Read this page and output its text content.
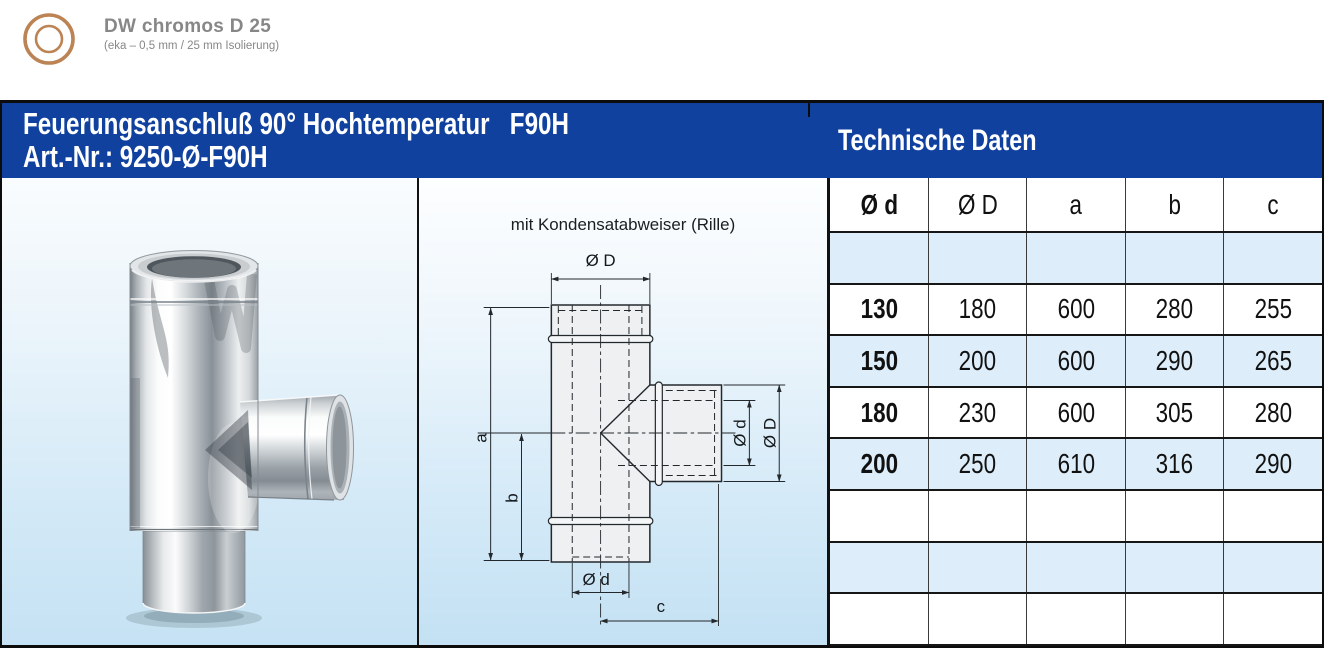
DW chromos D 25
(eka – 0,5 mm / 25 mm Isolierung)
Feuerungsanschluß 90° Hochtemperatur F90H
Art.-Nr.: 9250-Ø-F90H	Technische Daten
mit Kondensatabweiser (Rille)
Ø D
a
b
Ø d
c
Ø d Ø D
Ø d	Ø D	a	b	c

130	180	600	280	255
150	200	600	290	265
180	230	600	305	280
200	250	610	316	290
